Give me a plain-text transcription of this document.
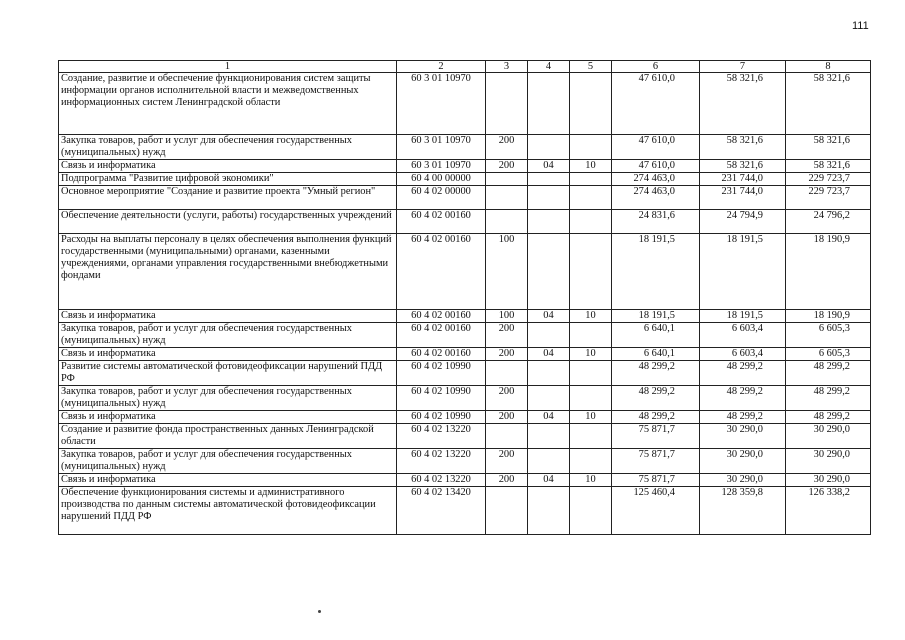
111
1	2	3	4	5	6	7	8
Создание, развитие и обеспечение функционирования систем защиты информации органов исполнительной власти и межведомственных информационных систем Ленинградской области	60 3 01 10970				47 610,0	58 321,6	58 321,6
Закупка товаров, работ и услуг для обеспечения государственных (муниципальных) нужд	60 3 01 10970	200			47 610,0	58 321,6	58 321,6
Связь и информатика	60 3 01 10970	200	04	10	47 610,0	58 321,6	58 321,6
Подпрограмма "Развитие цифровой экономики"	60 4 00 00000				274 463,0	231 744,0	229 723,7
Основное мероприятие "Создание и развитие проекта "Умный регион"	60 4 02 00000				274 463,0	231 744,0	229 723,7
Обеспечение деятельности (услуги, работы) государственных учреждений	60 4 02 00160				24 831,6	24 794,9	24 796,2
Расходы на выплаты персоналу в целях обеспечения выполнения функций государственными (муниципальными) органами, казенными учреждениями, органами управления государственными внебюджетными фондами	60 4 02 00160	100			18 191,5	18 191,5	18 190,9
Связь и информатика	60 4 02 00160	100	04	10	18 191,5	18 191,5	18 190,9
Закупка товаров, работ и услуг для обеспечения государственных (муниципальных) нужд	60 4 02 00160	200			6 640,1	6 603,4	6 605,3
Связь и информатика	60 4 02 00160	200	04	10	6 640,1	6 603,4	6 605,3
Развитие системы автоматической фотовидеофиксации нарушений ПДД РФ	60 4 02 10990				48 299,2	48 299,2	48 299,2
Закупка товаров, работ и услуг для обеспечения государственных (муниципальных) нужд	60 4 02 10990	200			48 299,2	48 299,2	48 299,2
Связь и информатика	60 4 02 10990	200	04	10	48 299,2	48 299,2	48 299,2
Создание и развитие фонда пространственных данных Ленинградской области	60 4 02 13220				75 871,7	30 290,0	30 290,0
Закупка товаров, работ и услуг для обеспечения государственных (муниципальных) нужд	60 4 02 13220	200			75 871,7	30 290,0	30 290,0
Связь и информатика	60 4 02 13220	200	04	10	75 871,7	30 290,0	30 290,0
Обеспечение функционирования системы и административного производства по данным системы автоматической фотовидеофиксации нарушений ПДД РФ	60 4 02 13420				125 460,4	128 359,8	126 338,2
